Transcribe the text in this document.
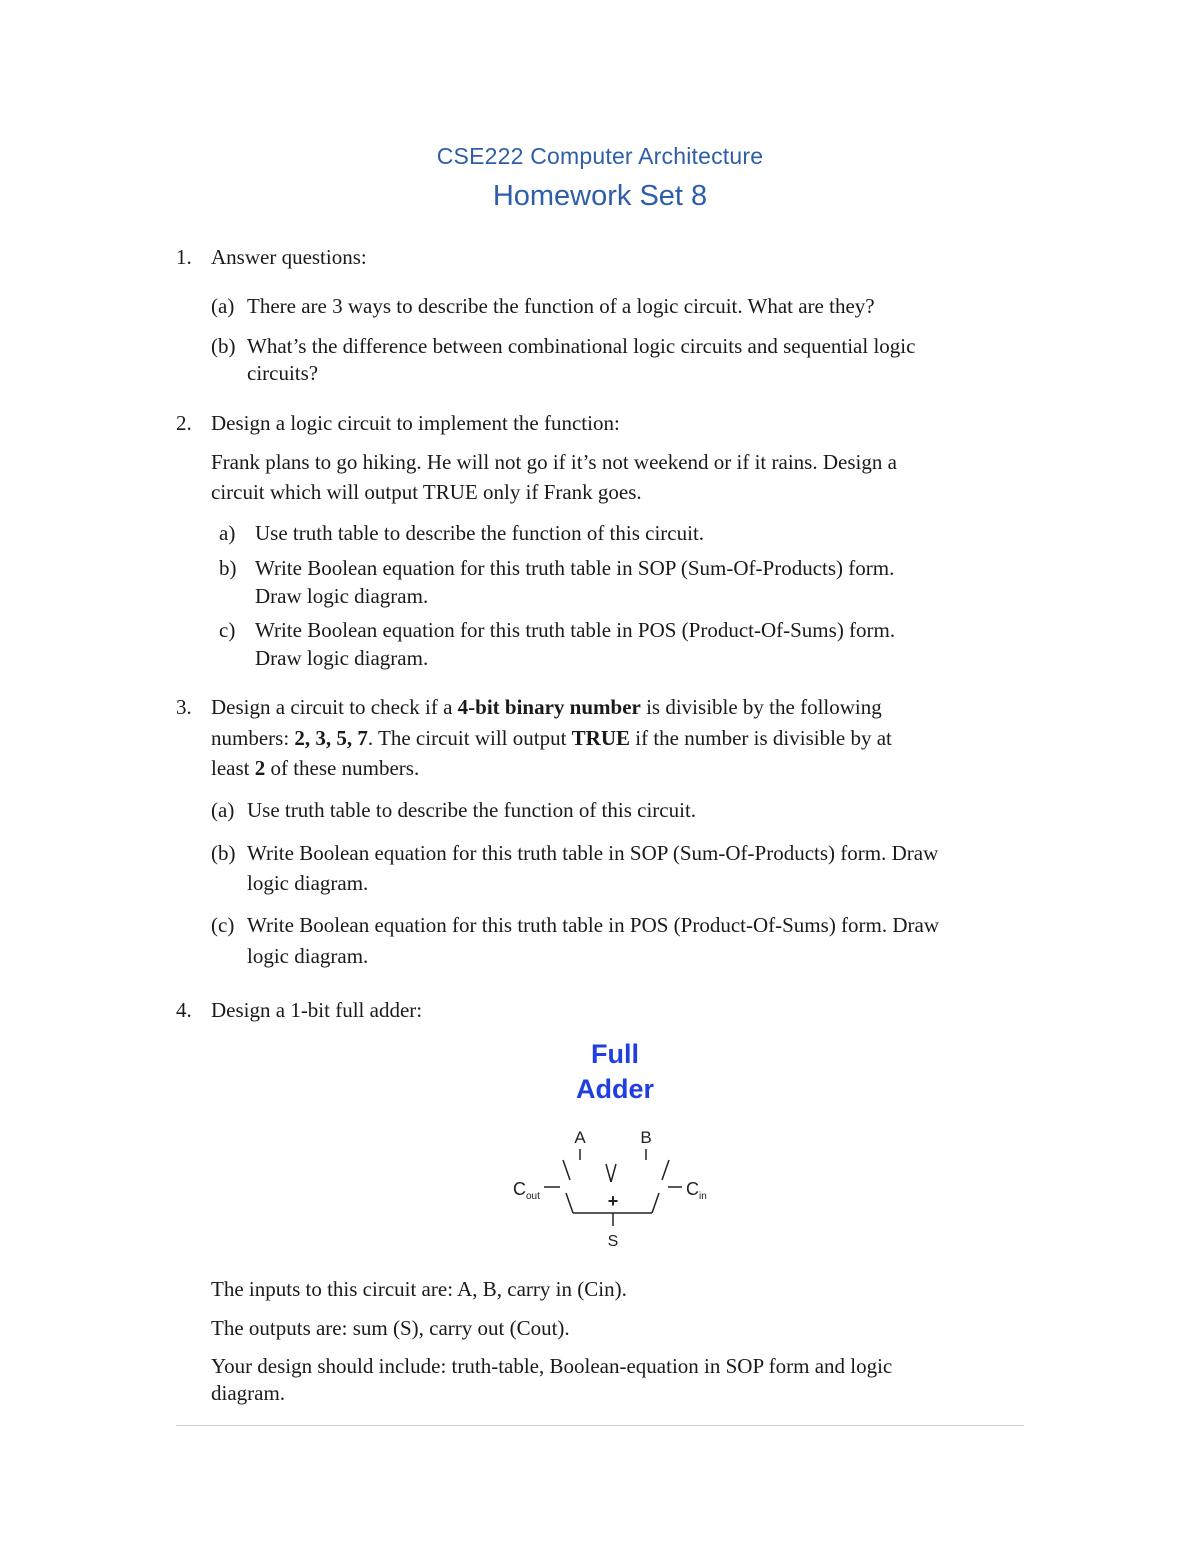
CSE222 Computer Architecture
Homework Set 8
1. Answer questions:
(a) There are 3 ways to describe the function of a logic circuit. What are they?
(b) What’s the difference between combinational logic circuits and sequential logic
circuits?
2. Design a logic circuit to implement the function:
Frank plans to go hiking. He will not go if it’s not weekend or if it rains. Design a
circuit which will output TRUE only if Frank goes.
a) Use truth table to describe the function of this circuit.
b) Write Boolean equation for this truth table in SOP (Sum-Of-Products) form.
Draw logic diagram.
c) Write Boolean equation for this truth table in POS (Product-Of-Sums) form.
Draw logic diagram.
3. Design a circuit to check if a 4-bit binary number is divisible by the following
numbers: 2, 3, 5, 7. The circuit will output TRUE if the number is divisible by at
least 2 of these numbers.
(a) Use truth table to describe the function of this circuit.
(b) Write Boolean equation for this truth table in SOP (Sum-Of-Products) form. Draw
logic diagram.
(c) Write Boolean equation for this truth table in POS (Product-Of-Sums) form. Draw
logic diagram.
4. Design a 1-bit full adder:
Full
Adder
A	B
+
S
C out	C in
The inputs to this circuit are: A, B, carry in (Cin).
The outputs are: sum (S), carry out (Cout).
Your design should include: truth-table, Boolean-equation in SOP form and logic
diagram.
